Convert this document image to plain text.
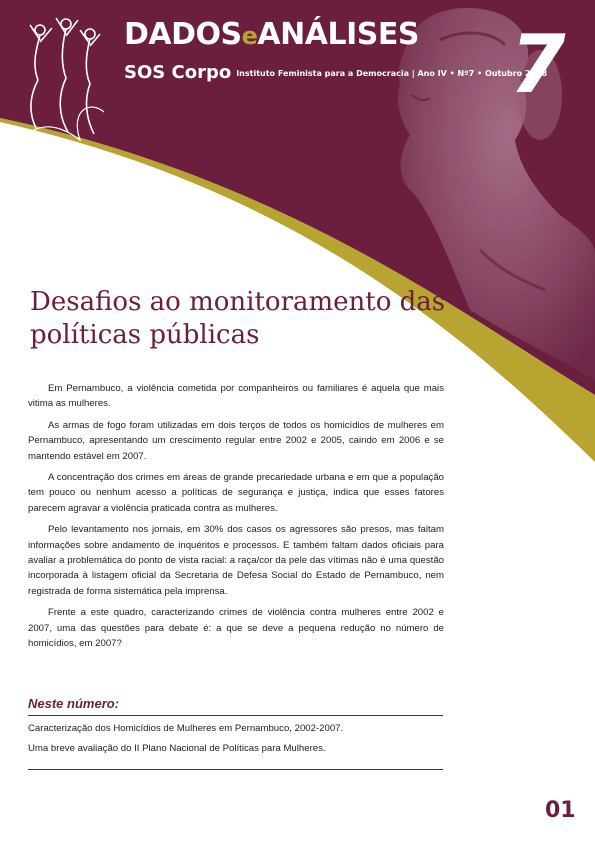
DADOSeANÁLISES
SOS Corpo Instituto Feminista para a Democracia | Ano IV • Nº7 • Outubro 2008
7
Desafios ao monitoramento das políticas públicas

Em Pernambuco, a violência cometida por companheiros ou familiares é aquela que mais vitima as mulheres.

As armas de fogo foram utilizadas em dois terços de todos os homicídios de mulheres em Pernambuco, apresentando um crescimento regular entre 2002 e 2005, caindo em 2006 e se mantendo estável em 2007.

A concentração dos crimes em áreas de grande precariedade urbana e em que a população tem pouco ou nenhum acesso a políticas de segurança e justiça, indica que esses fatores parecem agravar a violência praticada contra as mulheres.

Pelo levantamento nos jornais, em 30% dos casos os agressores são presos, mas faltam informações sobre andamento de inquéritos e processos. E também faltam dados oficiais para avaliar a problemática do ponto de vista racial: a raça/cor da pele das vítimas não é uma questão incorporada à listagem oficial da Secretaria de Defesa Social do Estado de Pernambuco, nem registrada de forma sistemática pela imprensa.

Frente a este quadro, caracterizando crimes de violência contra mulheres entre 2002 e 2007, uma das questões para debate é: a que se deve a pequena redução no número de homicídios, em 2007?

Neste número:
Caracterização dos Homicídios de Mulheres em Pernambuco, 2002-2007.
Uma breve avaliação do II Plano Nacional de Políticas para Mulheres.
01
